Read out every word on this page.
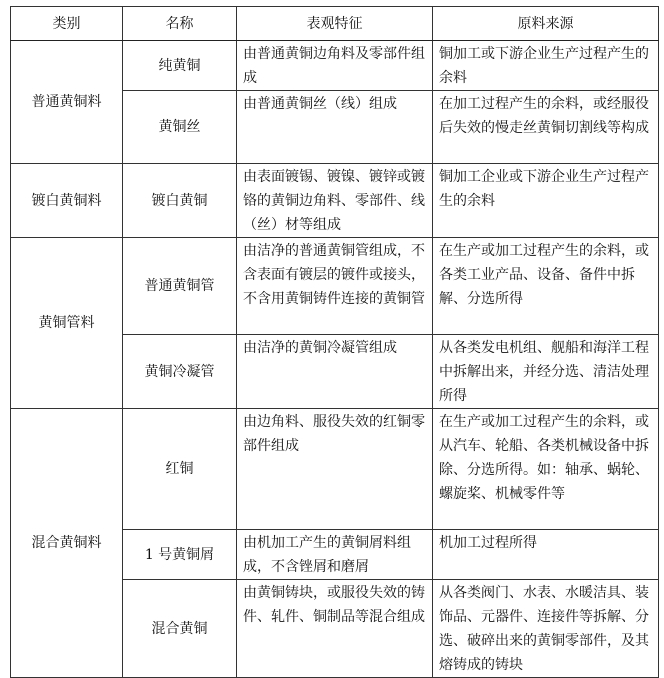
类别	名称	表观特征	原料来源
普通黄铜料	纯黄铜	由普通黄铜边角料及零部件组成	铜加工或下游企业生产过程产生的余料
	黄铜丝	由普通黄铜丝（线）组成	在加工过程产生的余料，或经服役后失效的慢走丝黄铜切割线等构成
镀白黄铜料	镀白黄铜	由表面镀锡、镀镍、镀锌或镀铬的黄铜边角料、零部件、线（丝）材等组成	铜加工企业或下游企业生产过程产生的余料
黄铜管料	普通黄铜管	由洁净的普通黄铜管组成，不含表面有镀层的镀件或接头，不含用黄铜铸件连接的黄铜管	在生产或加工过程产生的余料，或各类工业产品、设备、备件中拆解、分选所得
	黄铜冷凝管	由洁净的黄铜冷凝管组成	从各类发电机组、舰船和海洋工程中拆解出来，并经分选、清洁处理所得
混合黄铜料	红铜	由边角料、服役失效的红铜零部件组成	在生产或加工过程产生的余料，或从汽车、轮船、各类机械设备中拆除、分选所得。如：轴承、蜗轮、螺旋桨、机械零件等
	1 号黄铜屑	由机加工产生的黄铜屑料组成，不含锉屑和磨屑	机加工过程所得
	混合黄铜	由黄铜铸块，或服役失效的铸件、轧件、铜制品等混合组成	从各类阀门、水表、水暖洁具、装饰品、元器件、连接件等拆解、分选、破碎出来的黄铜零部件，及其熔铸成的铸块
